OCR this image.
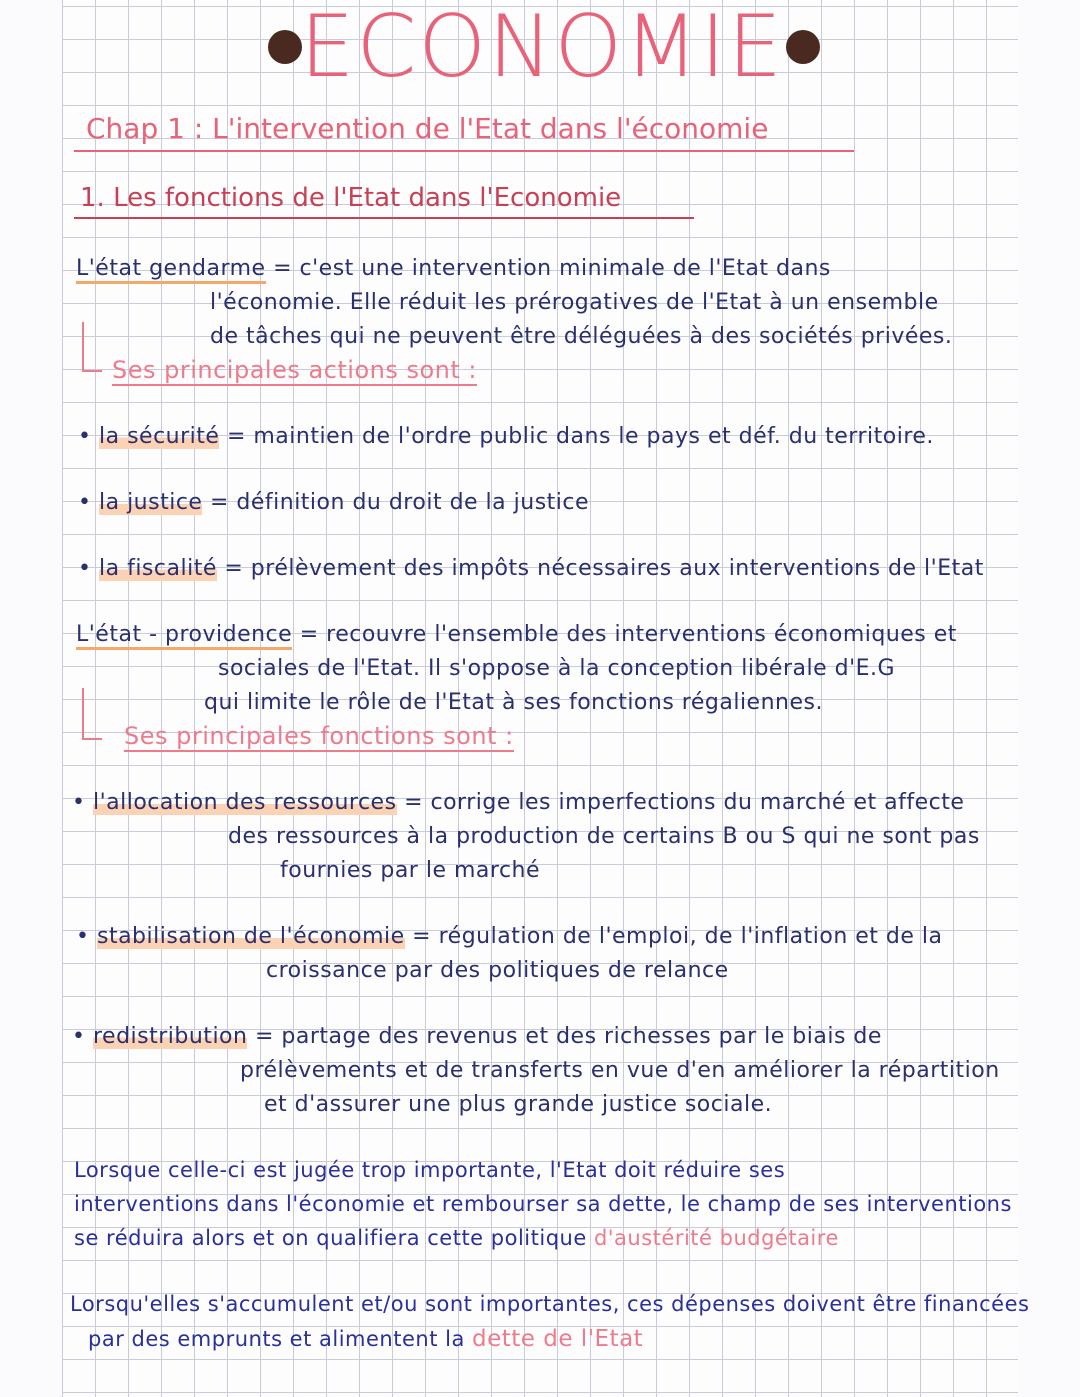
ECONOMIE
Chap 1 : L'intervention de l'Etat dans l'économie
1. Les fonctions de l'Etat dans l'Economie
L'état gendarme = c'est une intervention minimale de l'Etat dans
l'économie. Elle réduit les prérogatives de l'Etat à un ensemble
de tâches qui ne peuvent être déléguées à des sociétés privées.
Ses principales actions sont :
• la sécurité = maintien de l'ordre public dans le pays et déf. du territoire.
• la justice = définition du droit de la justice
• la fiscalité = prélèvement des impôts nécessaires aux interventions de l'Etat
L'état - providence = recouvre l'ensemble des interventions économiques et
sociales de l'Etat. Il s'oppose à la conception libérale d'E.G
qui limite le rôle de l'Etat à ses fonctions régaliennes.
Ses principales fonctions sont :
• l'allocation des ressources = corrige les imperfections du marché et affecte
des ressources à la production de certains B ou S qui ne sont pas
fournies par le marché
• stabilisation de l'économie = régulation de l'emploi, de l'inflation et de la
croissance par des politiques de relance
• redistribution = partage des revenus et des richesses par le biais de
prélèvements et de transferts en vue d'en améliorer la répartition
et d'assurer une plus grande justice sociale.
Lorsque celle-ci est jugée trop importante, l'Etat doit réduire ses
interventions dans l'économie et rembourser sa dette, le champ de ses interventions
se réduira alors et on qualifiera cette politique d'austérité budgétaire
Lorsqu'elles s'accumulent et/ou sont importantes, ces dépenses doivent être financées
par des emprunts et alimentent la dette de l'Etat
